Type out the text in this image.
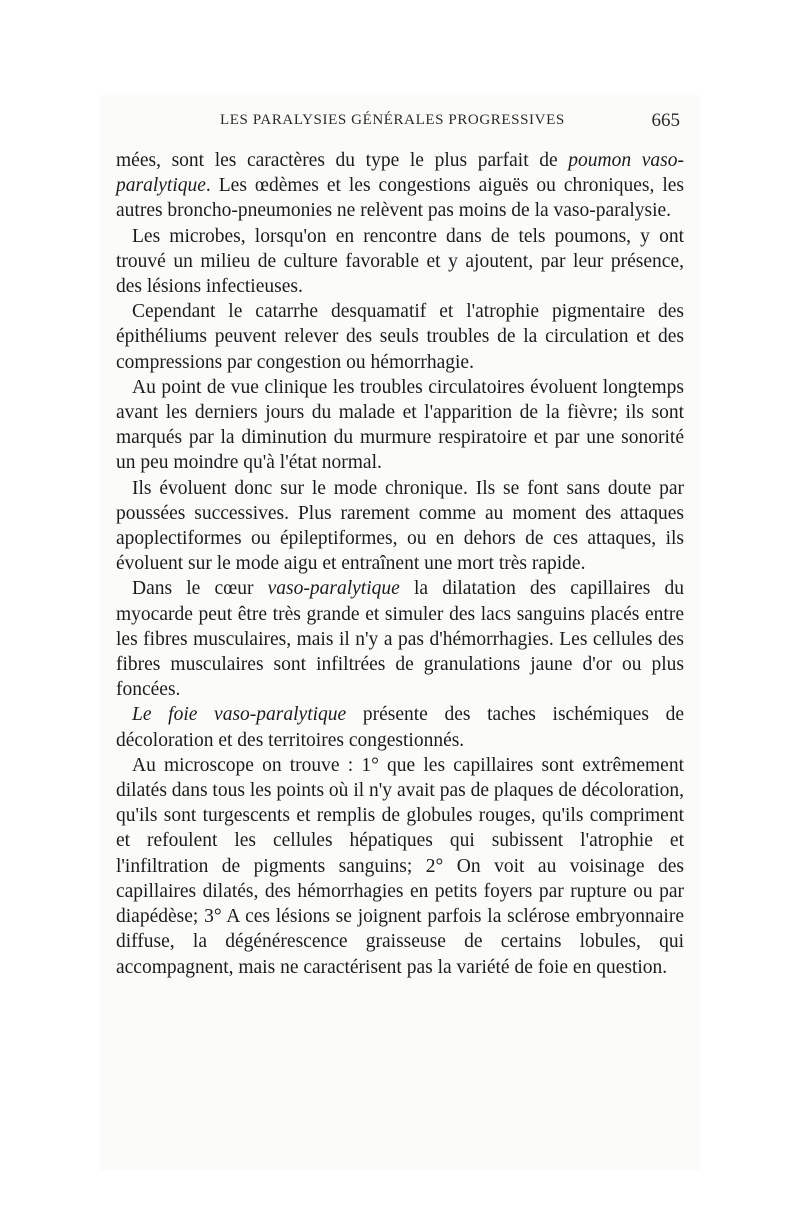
LES PARALYSIES GÉNÉRALES PROGRESSIVES	665

mées, sont les caractères du type le plus parfait de poumon vaso-paralytique. Les œdèmes et les congestions aiguës ou chroniques, les autres broncho-pneumonies ne relèvent pas moins de la vaso-paralysie.

Les microbes, lorsqu'on en rencontre dans de tels poumons, y ont trouvé un milieu de culture favorable et y ajoutent, par leur présence, des lésions infectieuses.

Cependant le catarrhe desquamatif et l'atrophie pigmentaire des épithéliums peuvent relever des seuls troubles de la circulation et des compressions par congestion ou hémorrhagie.

Au point de vue clinique les troubles circulatoires évoluent longtemps avant les derniers jours du malade et l'apparition de la fièvre; ils sont marqués par la diminution du murmure respiratoire et par une sonorité un peu moindre qu'à l'état normal.

Ils évoluent donc sur le mode chronique. Ils se font sans doute par poussées successives. Plus rarement comme au moment des attaques apoplectiformes ou épileptiformes, ou en dehors de ces attaques, ils évoluent sur le mode aigu et entraînent une mort très rapide.

Dans le cœur vaso-paralytique la dilatation des capillaires du myocarde peut être très grande et simuler des lacs sanguins placés entre les fibres musculaires, mais il n'y a pas d'hémorrhagies. Les cellules des fibres musculaires sont infiltrées de granulations jaune d'or ou plus foncées.

Le foie vaso-paralytique présente des taches ischémiques de décoloration et des territoires congestionnés.

Au microscope on trouve : 1° que les capillaires sont extrêmement dilatés dans tous les points où il n'y avait pas de plaques de décoloration, qu'ils sont turgescents et remplis de globules rouges, qu'ils compriment et refoulent les cellules hépatiques qui subissent l'atrophie et l'infiltration de pigments sanguins; 2° On voit au voisinage des capillaires dilatés, des hémorrhagies en petits foyers par rupture ou par diapédèse; 3° A ces lésions se joignent parfois la sclérose embryonnaire diffuse, la dégénérescence graisseuse de certains lobules, qui accompagnent, mais ne caractérisent pas la variété de foie en question.
